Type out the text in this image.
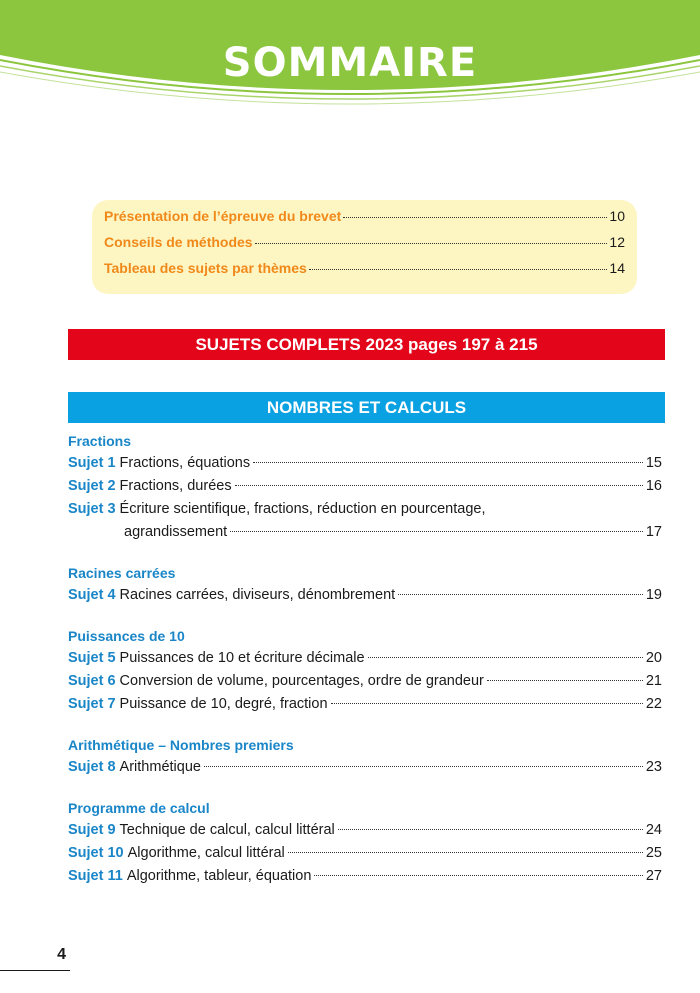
SOMMAIRE
Présentation de l’épreuve du brevet	10
Conseils de méthodes	12
Tableau des sujets par thèmes	14
SUJETS COMPLETS 2023 pages 197 à 215
NOMBRES ET CALCULS
Fractions
Sujet 1 Fractions, équations	15
Sujet 2 Fractions, durées	16
Sujet 3 Écriture scientifique, fractions, réduction en pourcentage,
agrandissement	17
Racines carrées
Sujet 4 Racines carrées, diviseurs, dénombrement	19
Puissances de 10
Sujet 5 Puissances de 10 et écriture décimale	20
Sujet 6 Conversion de volume, pourcentages, ordre de grandeur	21
Sujet 7 Puissance de 10, degré, fraction	22
Arithmétique – Nombres premiers
Sujet 8 Arithmétique	23
Programme de calcul
Sujet 9 Technique de calcul, calcul littéral	24
Sujet 10 Algorithme, calcul littéral	25
Sujet 11 Algorithme, tableur, équation	27
4
